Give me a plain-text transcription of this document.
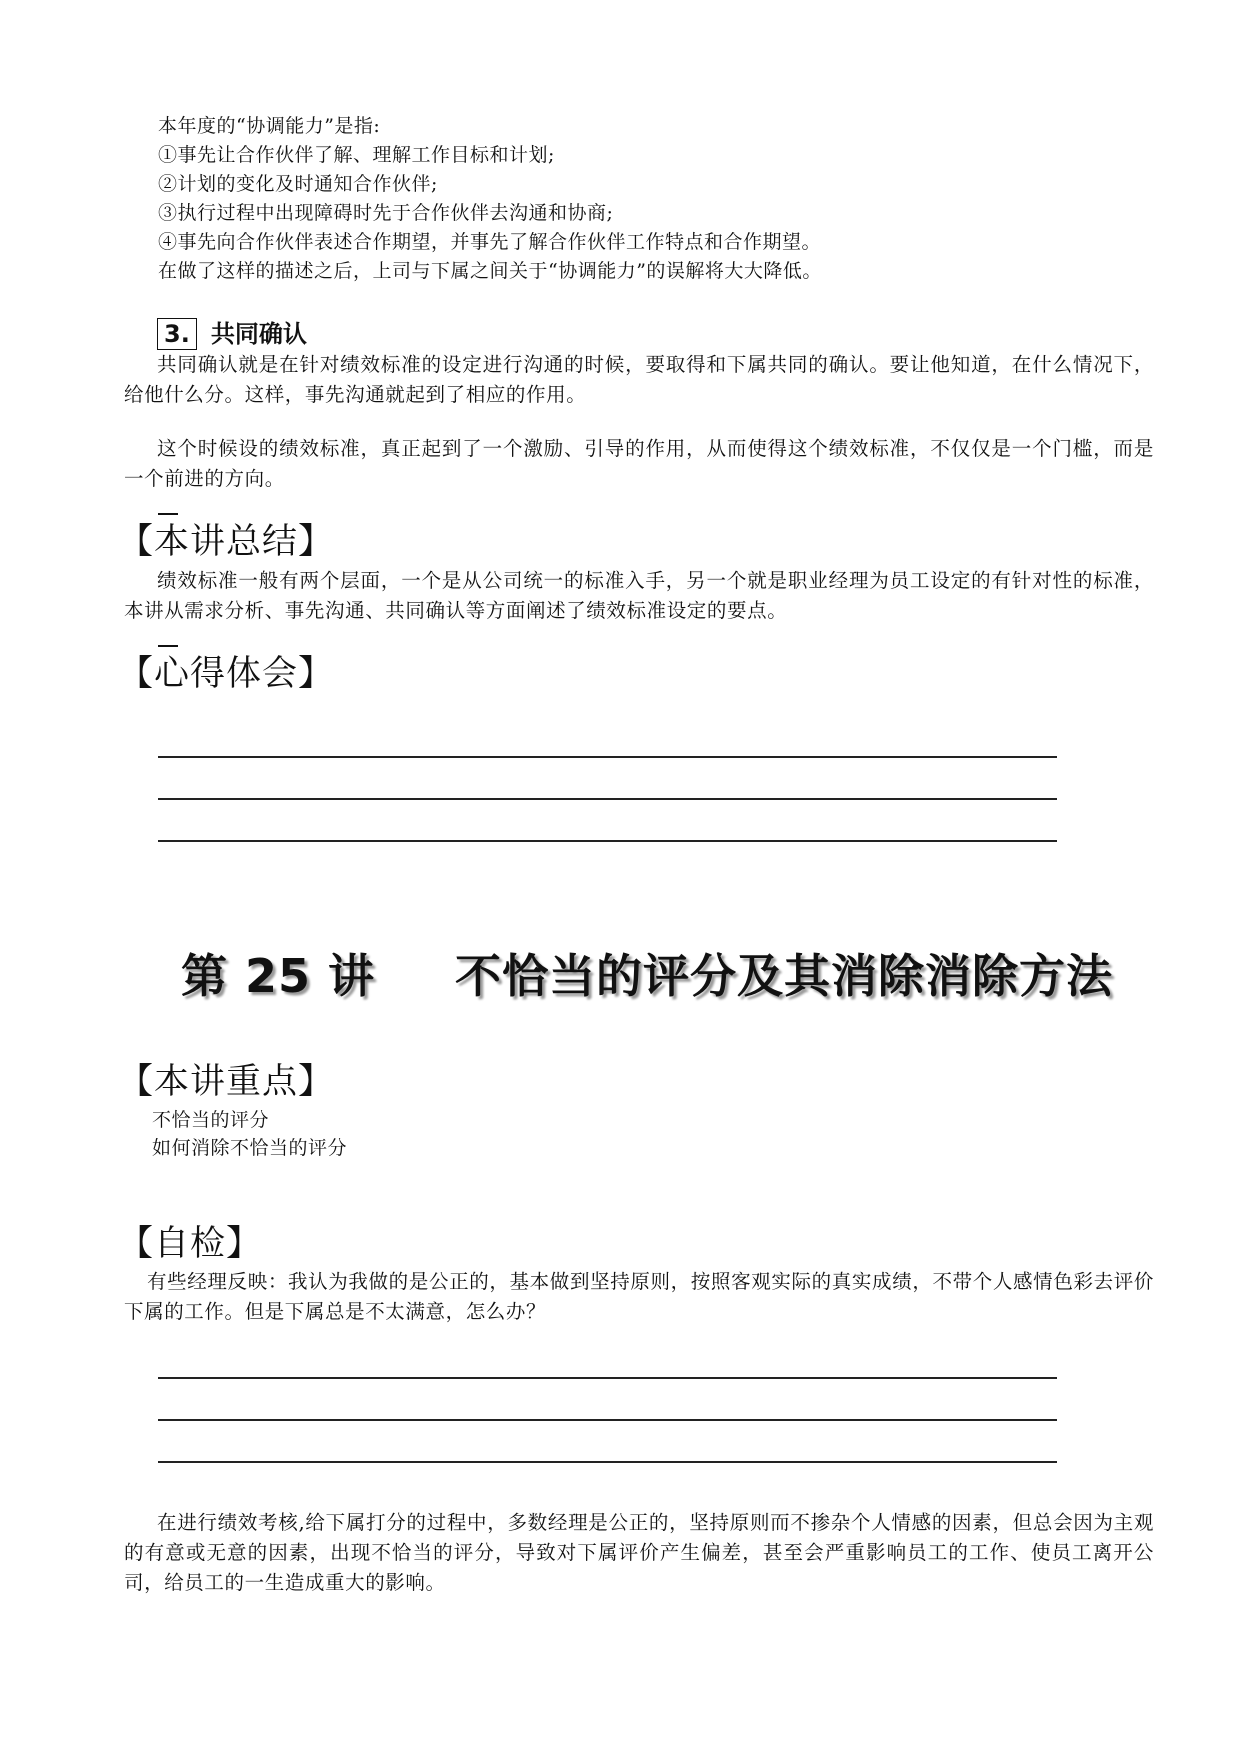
本年度的“协调能力”是指:
①事先让合作伙伴了解、理解工作目标和计划;
②计划的变化及时通知合作伙伴;
③执行过程中出现障碍时先于合作伙伴去沟通和协商;
④事先向合作伙伴表述合作期望，并事先了解合作伙伴工作特点和合作期望。
在做了这样的描述之后，上司与下属之间关于“协调能力”的误解将大大降低。
3. 共同确认
共同确认就是在针对绩效标准的设定进行沟通的时候，要取得和下属共同的确认。要让他知道，在什么情况下，给他什么分。这样，事先沟通就起到了相应的作用。
这个时候设的绩效标准，真正起到了一个激励、引导的作用，从而使得这个绩效标准，不仅仅是一个门槛，而是一个前进的方向。
【本讲总结】
绩效标准一般有两个层面，一个是从公司统一的标准入手，另一个就是职业经理为员工设定的有针对性的标准，本讲从需求分析、事先沟通、共同确认等方面阐述了绩效标准设定的要点。
【心得体会】
第 25 讲 不恰当的评分及其消除消除方法
【本讲重点】
不恰当的评分
如何消除不恰当的评分
【自检】
有些经理反映：我认为我做的是公正的，基本做到坚持原则，按照客观实际的真实成绩，不带个人感情色彩去评价下属的工作。但是下属总是不太满意，怎么办？
在进行绩效考核,给下属打分的过程中，多数经理是公正的，坚持原则而不掺杂个人情感的因素，但总会因为主观的有意或无意的因素，出现不恰当的评分，导致对下属评价产生偏差，甚至会严重影响员工的工作、使员工离开公司，给员工的一生造成重大的影响。
